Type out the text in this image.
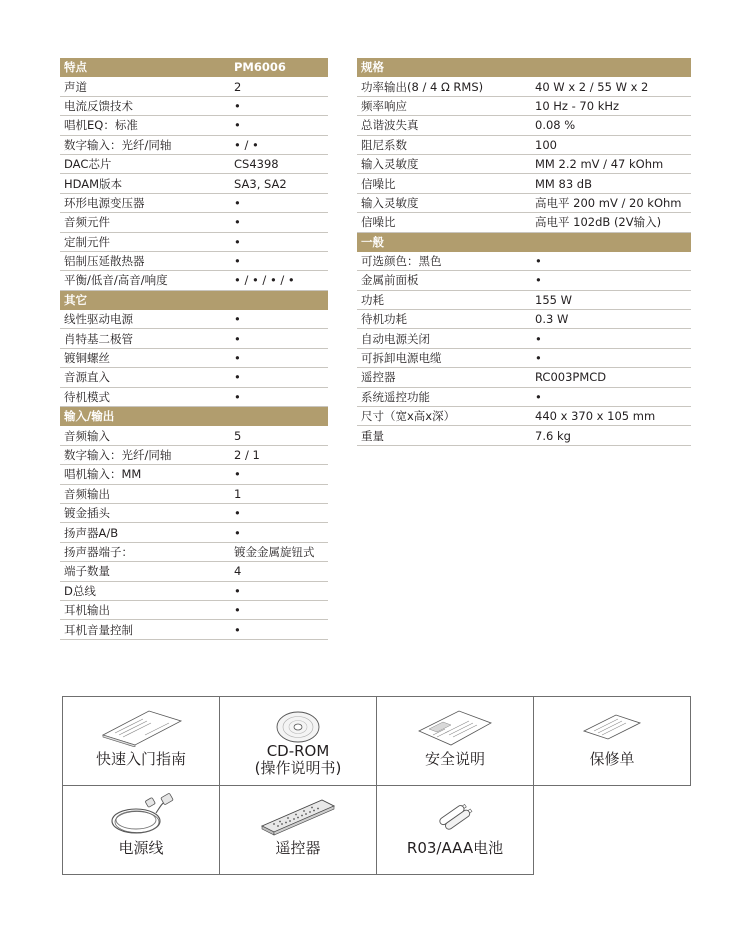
特点	PM6006
声道	2
电流反馈技术	•
唱机EQ：标准	•
数字输入：光纤/同轴	• / •
DAC芯片	CS4398
HDAM版本	SA3, SA2
环形电源变压器	•
音频元件	•
定制元件	•
铝制压延散热器	•
平衡/低音/高音/响度	• / • / • / •
其它	
线性驱动电源	•
肖特基二极管	•
镀铜螺丝	•
音源直入	•
待机模式	•
输入/输出	
音频输入	5
数字输入：光纤/同轴	2 / 1
唱机输入：MM	•
音频输出	1
镀金插头	•
扬声器A/B	•
扬声器端子：	镀金金属旋钮式
端子数量	4
D总线	•
耳机输出	•
耳机音量控制	•
规格	
功率输出(8 / 4 Ω RMS)	40 W x 2 / 55 W x 2
频率响应	10 Hz - 70 kHz
总谐波失真	0.08 %
阻尼系数	100
输入灵敏度	MM 2.2 mV / 47 kOhm
信噪比	MM 83 dB
输入灵敏度	高电平 200 mV / 20 kOhm
信噪比	高电平 102dB (2V输入)
一般	
可选颜色：黑色	•
金属前面板	•
功耗	155 W
待机功耗	0.3 W
自动电源关闭	•
可拆卸电源电缆	•
遥控器	RC003PMCD
系统遥控功能	•
尺寸（宽x高x深）	440 x 370 x 105 mm
重量	7.6 kg
快速入门指南	CD-ROM
(操作说明书)	安全说明	保修单

电源线	遥控器	R03/AAA电池	
